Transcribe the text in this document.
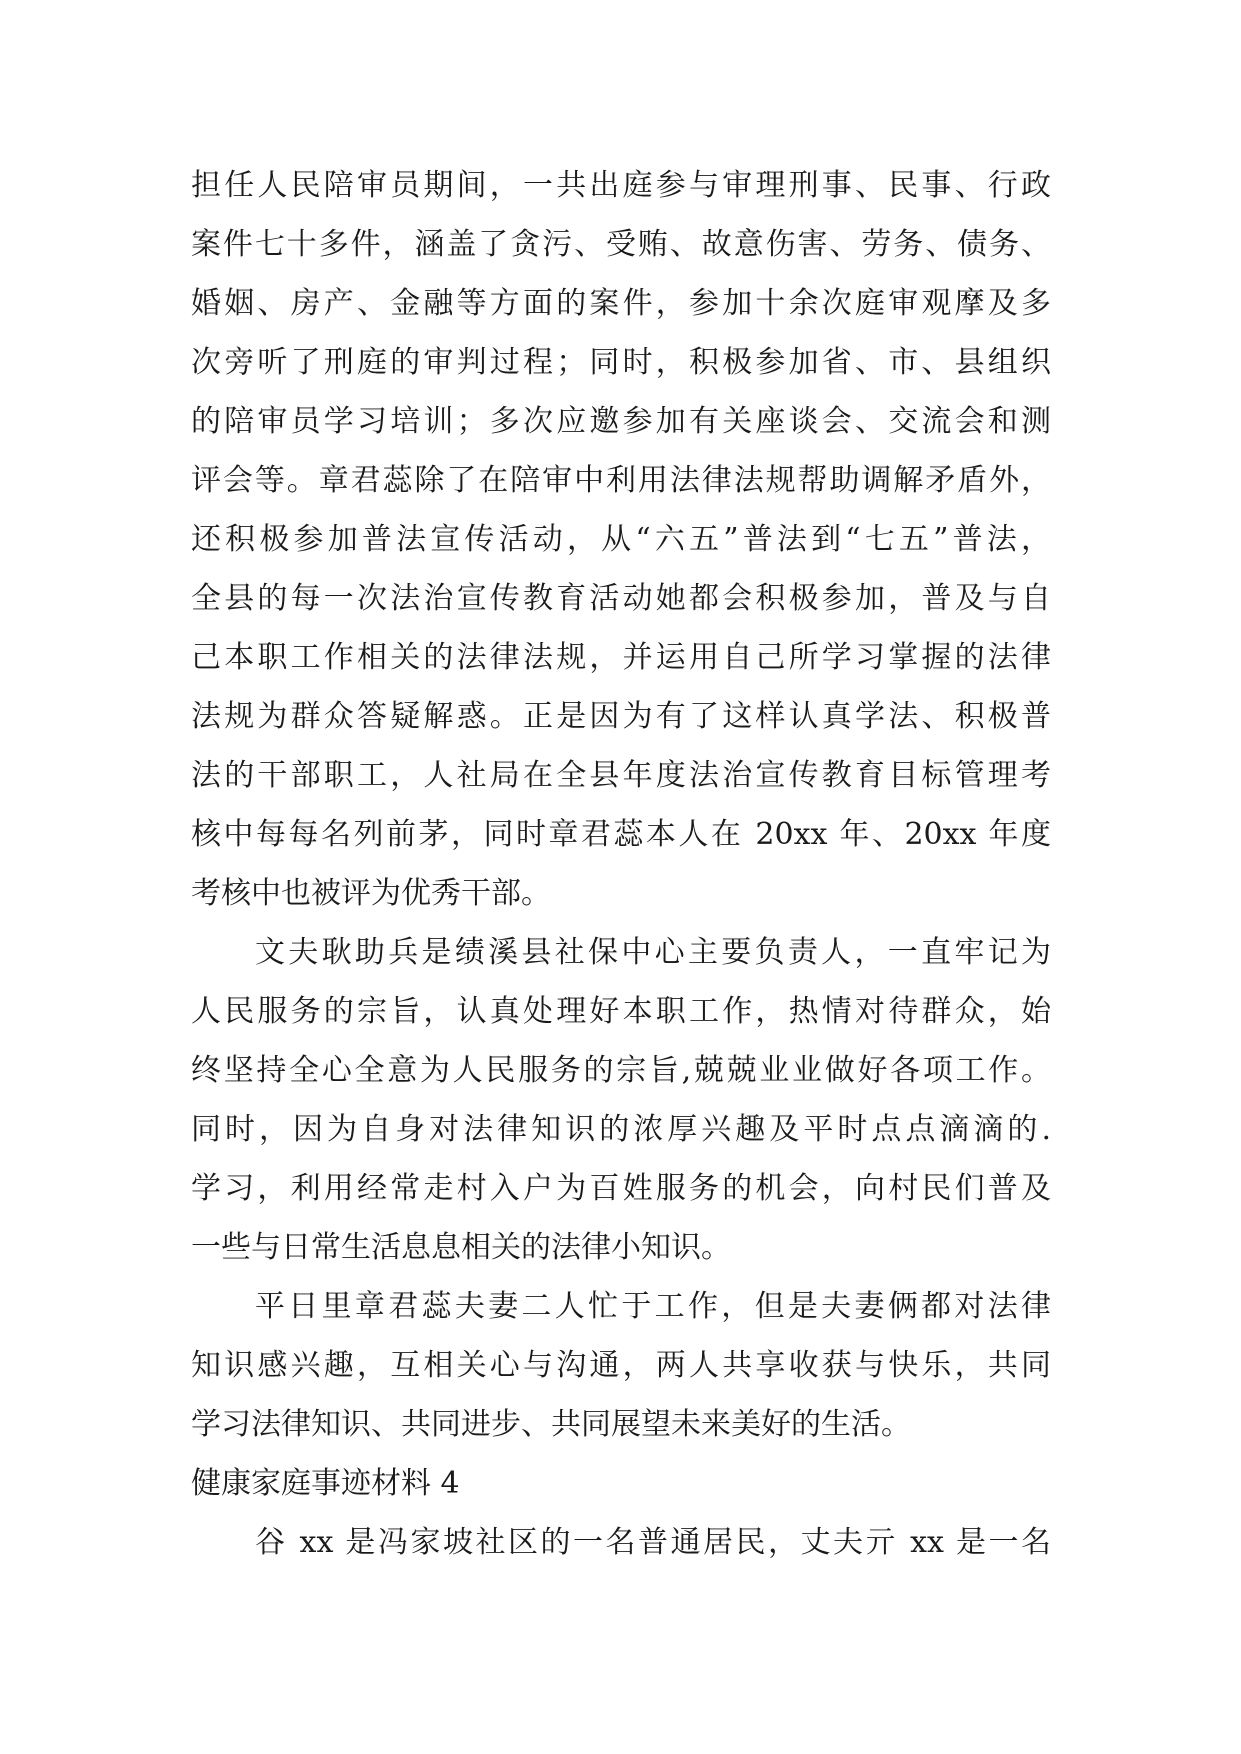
担任人民陪审员期间，一共出庭参与审理刑事、民事、行政
案件七十多件，涵盖了贪污、受贿、故意伤害、劳务、债务、
婚姻、房产、金融等方面的案件，参加十余次庭审观摩及多
次旁听了刑庭的审判过程；同时，积极参加省、市、县组织
的陪审员学习培训；多次应邀参加有关座谈会、交流会和测
评会等。章君蕊除了在陪审中利用法律法规帮助调解矛盾外，
还积极参加普法宣传活动，从“六五”普法到“七五”普法，
全县的每一次法治宣传教育活动她都会积极参加，普及与自
己本职工作相关的法律法规，并运用自己所学习掌握的法律
法规为群众答疑解惑。正是因为有了这样认真学法、积极普
法的干部职工，人社局在全县年度法治宣传教育目标管理考
核中每每名列前茅，同时章君蕊本人在 20xx 年、20xx 年度
考核中也被评为优秀干部。
文夫耿助兵是绩溪县社保中心主要负责人，一直牢记为
人民服务的宗旨，认真处理好本职工作，热情对待群众，始
终坚持全心全意为人民服务的宗旨,兢兢业业做好各项工作。
同时，因为自身对法律知识的浓厚兴趣及平时点点滴滴的.
学习，利用经常走村入户为百姓服务的机会，向村民们普及
一些与日常生活息息相关的法律小知识。
平日里章君蕊夫妻二人忙于工作，但是夫妻俩都对法律
知识感兴趣，互相关心与沟通，两人共享收获与快乐，共同
学习法律知识、共同进步、共同展望未来美好的生活。
健康家庭事迹材料 4
谷 xx 是冯家坡社区的一名普通居民，丈夫亓 xx 是一名
